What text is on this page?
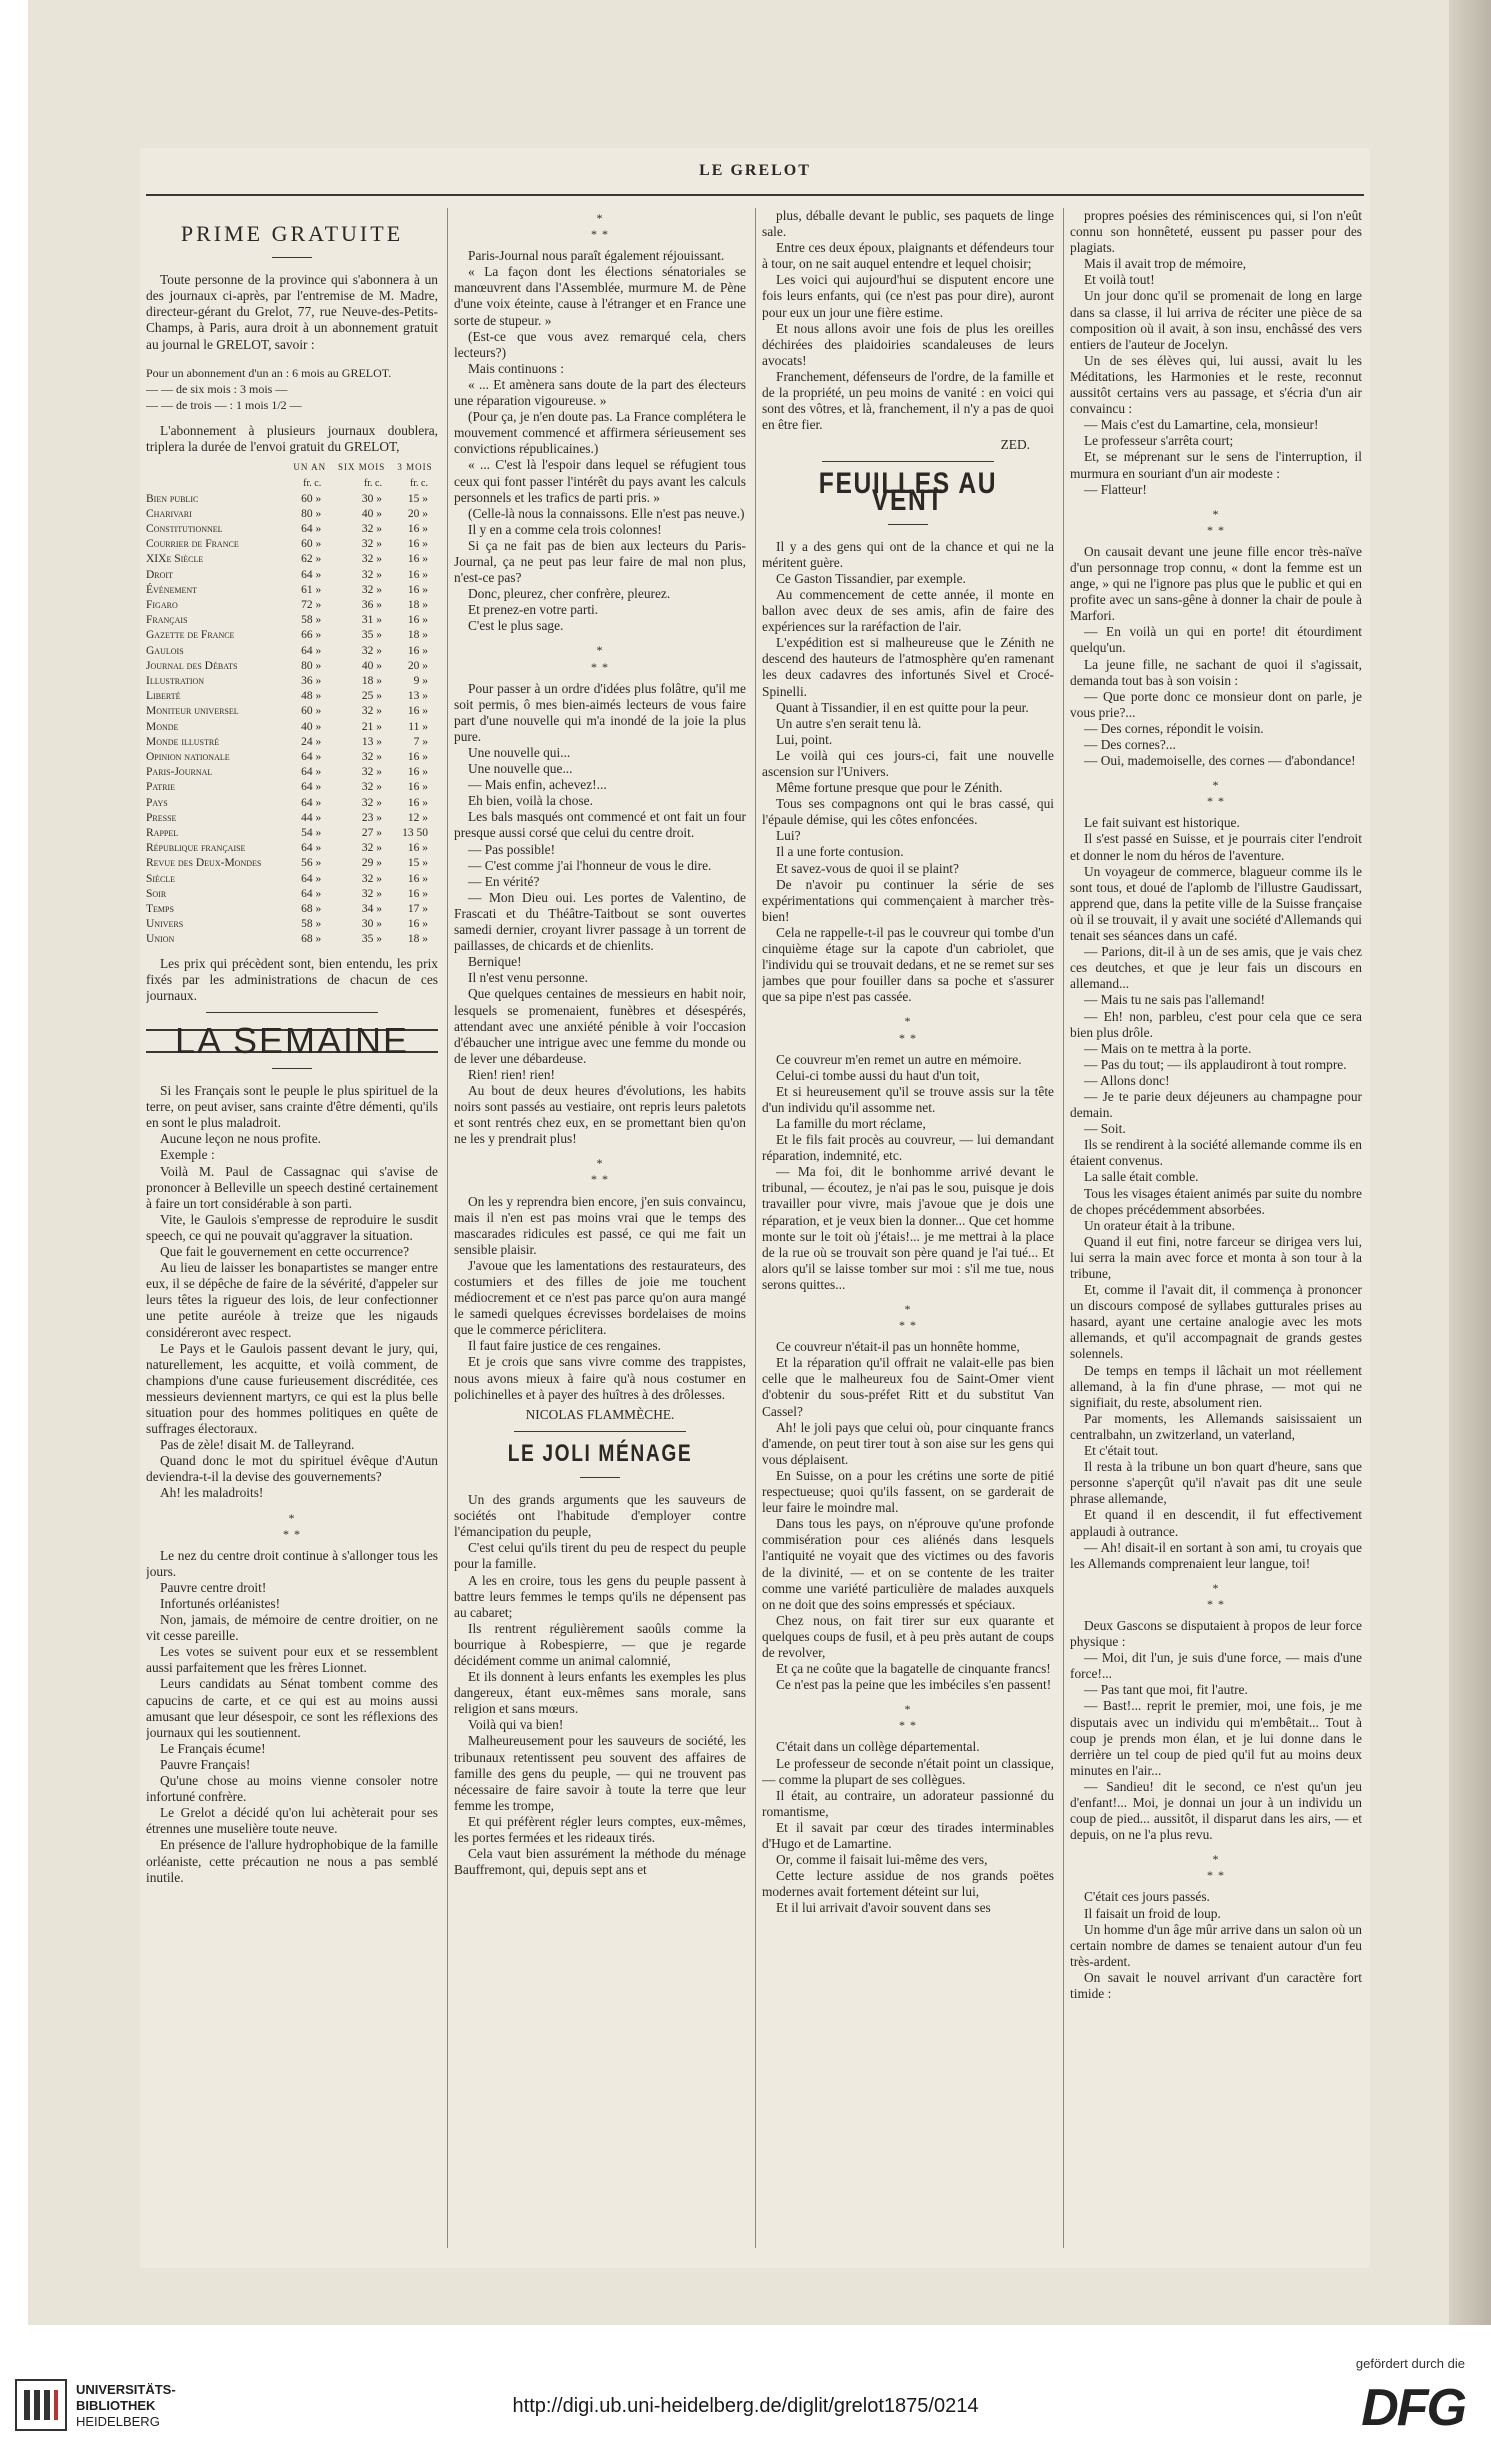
LE GRELOT
PRIME GRATUITE

Toute personne de la province qui s'abonnera à un des journaux ci-après, par l'entremise de M. Madre, directeur-gérant du Grelot, 77, rue Neuve-des-Petits-Champs, à Paris, aura droit à un abonnement gratuit au journal le GRELOT, savoir :

Pour un abonnement d'un an : 6 mois au GRELOT.
— — de six mois : 3 mois —
— — de trois — : 1 mois 1/2 —

L'abonnement à plusieurs journaux doublera, triplera la durée de l'envoi gratuit du GRELOT,

	UN AN	SIX MOIS	3 MOIS
	fr. c.	fr. c.	fr. c.
Bien public	60 »	30 »	15 »
Charivari	80 »	40 »	20 »
Constitutionnel	64 »	32 »	16 »
Courrier de France	60 »	32 »	16 »
XIXe Siècle	62 »	32 »	16 »
Droit	64 »	32 »	16 »
Événement	61 »	32 »	16 »
Figaro	72 »	36 »	18 »
Français	58 »	31 »	16 »
Gazette de France	66 »	35 »	18 »
Gaulois	64 »	32 »	16 »
Journal des Débats	80 »	40 »	20 »
Illustration	36 »	18 »	9 »
Liberté	48 »	25 »	13 »
Moniteur universel	60 »	32 »	16 »
Monde	40 »	21 »	11 »
Monde illustré	24 »	13 »	7 »
Opinion nationale	64 »	32 »	16 »
Paris-Journal	64 »	32 »	16 »
Patrie	64 »	32 »	16 »
Pays	64 »	32 »	16 »
Presse	44 »	23 »	12 »
Rappel	54 »	27 »	13 50
République française	64 »	32 »	16 »
Revue des Deux-Mondes	56 »	29 »	15 »
Siècle	64 »	32 »	16 »
Soir	64 »	32 »	16 »
Temps	68 »	34 »	17 »
Univers	58 »	30 »	16 »
Union	68 »	35 »	18 »

Les prix qui précèdent sont, bien entendu, les prix fixés par les administrations de chacun de ces journaux.

LA SEMAINE

Si les Français sont le peuple le plus spirituel de la terre, on peut aviser, sans crainte d'être démenti, qu'ils en sont le plus maladroit.

Aucune leçon ne nous profite.

Exemple :

Voilà M. Paul de Cassagnac qui s'avise de prononcer à Belleville un speech destiné certainement à faire un tort considérable à son parti.

Vite, le Gaulois s'empresse de reproduire le susdit speech, ce qui ne pouvait qu'aggraver la situation.

Que fait le gouvernement en cette occurrence?

Au lieu de laisser les bonapartistes se manger entre eux, il se dépêche de faire de la sévérité, d'appeler sur leurs têtes la rigueur des lois, de leur confectionner une petite auréole à treize que les nigauds considéreront avec respect.

Le Pays et le Gaulois passent devant le jury, qui, naturellement, les acquitte, et voilà comment, de champions d'une cause furieusement discréditée, ces messieurs deviennent martyrs, ce qui est la plus belle situation pour des hommes politiques en quête de suffrages électoraux.

Pas de zèle! disait M. de Talleyrand.

Quand donc le mot du spirituel évêque d'Autun deviendra-t-il la devise des gouvernements?

Ah! les maladroits!

*
* *

Le nez du centre droit continue à s'allonger tous les jours.

Pauvre centre droit!

Infortunés orléanistes!

Non, jamais, de mémoire de centre droitier, on ne vit cesse pareille.

Les votes se suivent pour eux et se ressemblent aussi parfaitement que les frères Lionnet.

Leurs candidats au Sénat tombent comme des capucins de carte, et ce qui est au moins aussi amusant que leur désespoir, ce sont les réflexions des journaux qui les soutiennent.

Le Français écume!

Pauvre Français!

Qu'une chose au moins vienne consoler notre infortuné confrère.

Le Grelot a décidé qu'on lui achèterait pour ses étrennes une muselière toute neuve.

En présence de l'allure hydrophobique de la famille orléaniste, cette précaution ne nous a pas semblé inutile.

*
* *

Paris-Journal nous paraît également réjouissant.

« La façon dont les élections sénatoriales se manœuvrent dans l'Assemblée, murmure M. de Pène d'une voix éteinte, cause à l'étranger et en France une sorte de stupeur. »

(Est-ce que vous avez remarqué cela, chers lecteurs?)

Mais continuons :

« ... Et amènera sans doute de la part des électeurs une réparation vigoureuse. »

(Pour ça, je n'en doute pas. La France complétera le mouvement commencé et affirmera sérieusement ses convictions républicaines.)

« ... C'est là l'espoir dans lequel se réfugient tous ceux qui font passer l'intérêt du pays avant les calculs personnels et les trafics de parti pris. »

(Celle-là nous la connaissons. Elle n'est pas neuve.)

Il y en a comme cela trois colonnes!

Si ça ne fait pas de bien aux lecteurs du Paris-Journal, ça ne peut pas leur faire de mal non plus, n'est-ce pas?

Donc, pleurez, cher confrère, pleurez.

Et prenez-en votre parti.

C'est le plus sage.

*
* *

Pour passer à un ordre d'idées plus folâtre, qu'il me soit permis, ô mes bien-aimés lecteurs de vous faire part d'une nouvelle qui m'a inondé de la joie la plus pure.

Une nouvelle qui...

Une nouvelle que...

— Mais enfin, achevez!...

Eh bien, voilà la chose.

Les bals masqués ont commencé et ont fait un four presque aussi corsé que celui du centre droit.

— Pas possible!

— C'est comme j'ai l'honneur de vous le dire.

— En vérité?

— Mon Dieu oui. Les portes de Valentino, de Frascati et du Théâtre-Taitbout se sont ouvertes samedi dernier, croyant livrer passage à un torrent de paillasses, de chicards et de chienlits.

Bernique!

Il n'est venu personne.

Que quelques centaines de messieurs en habit noir, lesquels se promenaient, funèbres et désespérés, attendant avec une anxiété pénible à voir l'occasion d'ébaucher une intrigue avec une femme du monde ou de lever une débardeuse.

Rien! rien! rien!

Au bout de deux heures d'évolutions, les habits noirs sont passés au vestiaire, ont repris leurs paletots et sont rentrés chez eux, en se promettant bien qu'on ne les y prendrait plus!

*
* *

On les y reprendra bien encore, j'en suis convaincu, mais il n'en est pas moins vrai que le temps des mascarades ridicules est passé, ce qui me fait un sensible plaisir.

J'avoue que les lamentations des restaurateurs, des costumiers et des filles de joie me touchent médiocrement et ce n'est pas parce qu'on aura mangé le samedi quelques écrevisses bordelaises de moins que le commerce périclitera.

Il faut faire justice de ces rengaines.

Et je crois que sans vivre comme des trappistes, nous avons mieux à faire qu'à nous costumer en polichinelles et à payer des huîtres à des drôlesses.

NICOLAS FLAMMÈCHE.
LE JOLI MÉNAGE

Un des grands arguments que les sauveurs de sociétés ont l'habitude d'employer contre l'émancipation du peuple,

C'est celui qu'ils tirent du peu de respect du peuple pour la famille.

A les en croire, tous les gens du peuple passent à battre leurs femmes le temps qu'ils ne dépensent pas au cabaret;

Ils rentrent régulièrement saoûls comme la bourrique à Robespierre, — que je regarde décidément comme un animal calomnié,

Et ils donnent à leurs enfants les exemples les plus dangereux, étant eux-mêmes sans morale, sans religion et sans mœurs.

Voilà qui va bien!

Malheureusement pour les sauveurs de société, les tribunaux retentissent peu souvent des affaires de famille des gens du peuple, — qui ne trouvent pas nécessaire de faire savoir à toute la terre que leur femme les trompe,

Et qui préfèrent régler leurs comptes, eux-mêmes, les portes fermées et les rideaux tirés.

Cela vaut bien assurément la méthode du ménage Bauffremont, qui, depuis sept ans et

plus, déballe devant le public, ses paquets de linge sale.

Entre ces deux époux, plaignants et défendeurs tour à tour, on ne sait auquel entendre et lequel choisir;

Les voici qui aujourd'hui se disputent encore une fois leurs enfants, qui (ce n'est pas pour dire), auront pour eux un jour une fière estime.

Et nous allons avoir une fois de plus les oreilles déchirées des plaidoiries scandaleuses de leurs avocats!

Franchement, défenseurs de l'ordre, de la famille et de la propriété, un peu moins de vanité : en voici qui sont des vôtres, et là, franchement, il n'y a pas de quoi en être fier.

ZED.
FEUILLES AU VENT

Il y a des gens qui ont de la chance et qui ne la méritent guère.

Ce Gaston Tissandier, par exemple.

Au commencement de cette année, il monte en ballon avec deux de ses amis, afin de faire des expériences sur la raréfaction de l'air.

L'expédition est si malheureuse que le Zénith ne descend des hauteurs de l'atmosphère qu'en ramenant les deux cadavres des infortunés Sivel et Crocé-Spinelli.

Quant à Tissandier, il en est quitte pour la peur.

Un autre s'en serait tenu là.

Lui, point.

Le voilà qui ces jours-ci, fait une nouvelle ascension sur l'Univers.

Même fortune presque que pour le Zénith.

Tous ses compagnons ont qui le bras cassé, qui l'épaule démise, qui les côtes enfoncées.

Lui?

Il a une forte contusion.

Et savez-vous de quoi il se plaint?

De n'avoir pu continuer la série de ses expérimentations qui commençaient à marcher très-bien!

Cela ne rappelle-t-il pas le couvreur qui tombe d'un cinquième étage sur la capote d'un cabriolet, que l'individu qui se trouvait dedans, et ne se remet sur ses jambes que pour fouiller dans sa poche et s'assurer que sa pipe n'est pas cassée.

*
* *

Ce couvreur m'en remet un autre en mémoire.

Celui-ci tombe aussi du haut d'un toit,

Et si heureusement qu'il se trouve assis sur la tête d'un individu qu'il assomme net.

La famille du mort réclame,

Et le fils fait procès au couvreur, — lui demandant réparation, indemnité, etc.

— Ma foi, dit le bonhomme arrivé devant le tribunal, — écoutez, je n'ai pas le sou, puisque je dois travailler pour vivre, mais j'avoue que je dois une réparation, et je veux bien la donner... Que cet homme monte sur le toit où j'étais!... je me mettrai à la place de la rue où se trouvait son père quand je l'ai tué... Et alors qu'il se laisse tomber sur moi : s'il me tue, nous serons quittes...

*
* *

Ce couvreur n'était-il pas un honnête homme,

Et la réparation qu'il offrait ne valait-elle pas bien celle que le malheureux fou de Saint-Omer vient d'obtenir du sous-préfet Ritt et du substitut Van Cassel?

Ah! le joli pays que celui où, pour cinquante francs d'amende, on peut tirer tout à son aise sur les gens qui vous déplaisent.

En Suisse, on a pour les crétins une sorte de pitié respectueuse; quoi qu'ils fassent, on se garderait de leur faire le moindre mal.

Dans tous les pays, on n'éprouve qu'une profonde commisération pour ces aliénés dans lesquels l'antiquité ne voyait que des victimes ou des favoris de la divinité, — et on se contente de les traiter comme une variété particulière de malades auxquels on ne doit que des soins empressés et spéciaux.

Chez nous, on fait tirer sur eux quarante et quelques coups de fusil, et à peu près autant de coups de revolver,

Et ça ne coûte que la bagatelle de cinquante francs!

Ce n'est pas la peine que les imbéciles s'en passent!

*
* *

C'était dans un collège départemental.

Le professeur de seconde n'était point un classique, — comme la plupart de ses collègues.

Il était, au contraire, un adorateur passionné du romantisme,

Et il savait par cœur des tirades interminables d'Hugo et de Lamartine.

Or, comme il faisait lui-même des vers,

Cette lecture assidue de nos grands poëtes modernes avait fortement déteint sur lui,

Et il lui arrivait d'avoir souvent dans ses

propres poésies des réminiscences qui, si l'on n'eût connu son honnêteté, eussent pu passer pour des plagiats.

Mais il avait trop de mémoire,

Et voilà tout!

Un jour donc qu'il se promenait de long en large dans sa classe, il lui arriva de réciter une pièce de sa composition où il avait, à son insu, enchâssé des vers entiers de l'auteur de Jocelyn.

Un de ses élèves qui, lui aussi, avait lu les Méditations, les Harmonies et le reste, reconnut aussitôt certains vers au passage, et s'écria d'un air convaincu :

— Mais c'est du Lamartine, cela, monsieur!

Le professeur s'arrêta court;

Et, se méprenant sur le sens de l'interruption, il murmura en souriant d'un air modeste :

— Flatteur!

*
* *

On causait devant une jeune fille encor très-naïve d'un personnage trop connu, « dont la femme est un ange, » qui ne l'ignore pas plus que le public et qui en profite avec un sans-gêne à donner la chair de poule à Marfori.

— En voilà un qui en porte! dit étourdiment quelqu'un.

La jeune fille, ne sachant de quoi il s'agissait, demanda tout bas à son voisin :

— Que porte donc ce monsieur dont on parle, je vous prie?...

— Des cornes, répondit le voisin.

— Des cornes?...

— Oui, mademoiselle, des cornes — d'abondance!

*
* *

Le fait suivant est historique.

Il s'est passé en Suisse, et je pourrais citer l'endroit et donner le nom du héros de l'aventure.

Un voyageur de commerce, blagueur comme ils le sont tous, et doué de l'aplomb de l'illustre Gaudissart, apprend que, dans la petite ville de la Suisse française où il se trouvait, il y avait une société d'Allemands qui tenait ses séances dans un café.

— Parions, dit-il à un de ses amis, que je vais chez ces deutches, et que je leur fais un discours en allemand...

— Mais tu ne sais pas l'allemand!

— Eh! non, parbleu, c'est pour cela que ce sera bien plus drôle.

— Mais on te mettra à la porte.

— Pas du tout; — ils applaudiront à tout rompre.

— Allons donc!

— Je te parie deux déjeuners au champagne pour demain.

— Soit.

Ils se rendirent à la société allemande comme ils en étaient convenus.

La salle était comble.

Tous les visages étaient animés par suite du nombre de chopes précédemment absorbées.

Un orateur était à la tribune.

Quand il eut fini, notre farceur se dirigea vers lui, lui serra la main avec force et monta à son tour à la tribune,

Et, comme il l'avait dit, il commença à prononcer un discours composé de syllabes gutturales prises au hasard, ayant une certaine analogie avec les mots allemands, et qu'il accompagnait de grands gestes solennels.

De temps en temps il lâchait un mot réellement allemand, à la fin d'une phrase, — mot qui ne signifiait, du reste, absolument rien.

Par moments, les Allemands saisissaient un centralbahn, un zwitzerland, un vaterland,

Et c'était tout.

Il resta à la tribune un bon quart d'heure, sans que personne s'aperçût qu'il n'avait pas dit une seule phrase allemande,

Et quand il en descendit, il fut effectivement applaudi à outrance.

— Ah! disait-il en sortant à son ami, tu croyais que les Allemands comprenaient leur langue, toi!

*
* *

Deux Gascons se disputaient à propos de leur force physique :

— Moi, dit l'un, je suis d'une force, — mais d'une force!...

— Pas tant que moi, fit l'autre.

— Bast!... reprit le premier, moi, une fois, je me disputais avec un individu qui m'embêtait... Tout à coup je prends mon élan, et je lui donne dans le derrière un tel coup de pied qu'il fut au moins deux minutes en l'air...

— Sandieu! dit le second, ce n'est qu'un jeu d'enfant!... Moi, je donnai un jour à un individu un coup de pied... aussitôt, il disparut dans les airs, — et depuis, on ne l'a plus revu.

*
* *

C'était ces jours passés.

Il faisait un froid de loup.

Un homme d'un âge mûr arrive dans un salon où un certain nombre de dames se tenaient autour d'un feu très-ardent.

On savait le nouvel arrivant d'un caractère fort timide :

UNIVERSITÄTS-
BIBLIOTHEK
HEIDELBERG
http://digi.ub.uni-heidelberg.de/diglit/grelot1875/0214
gefördert durch die
DFG
